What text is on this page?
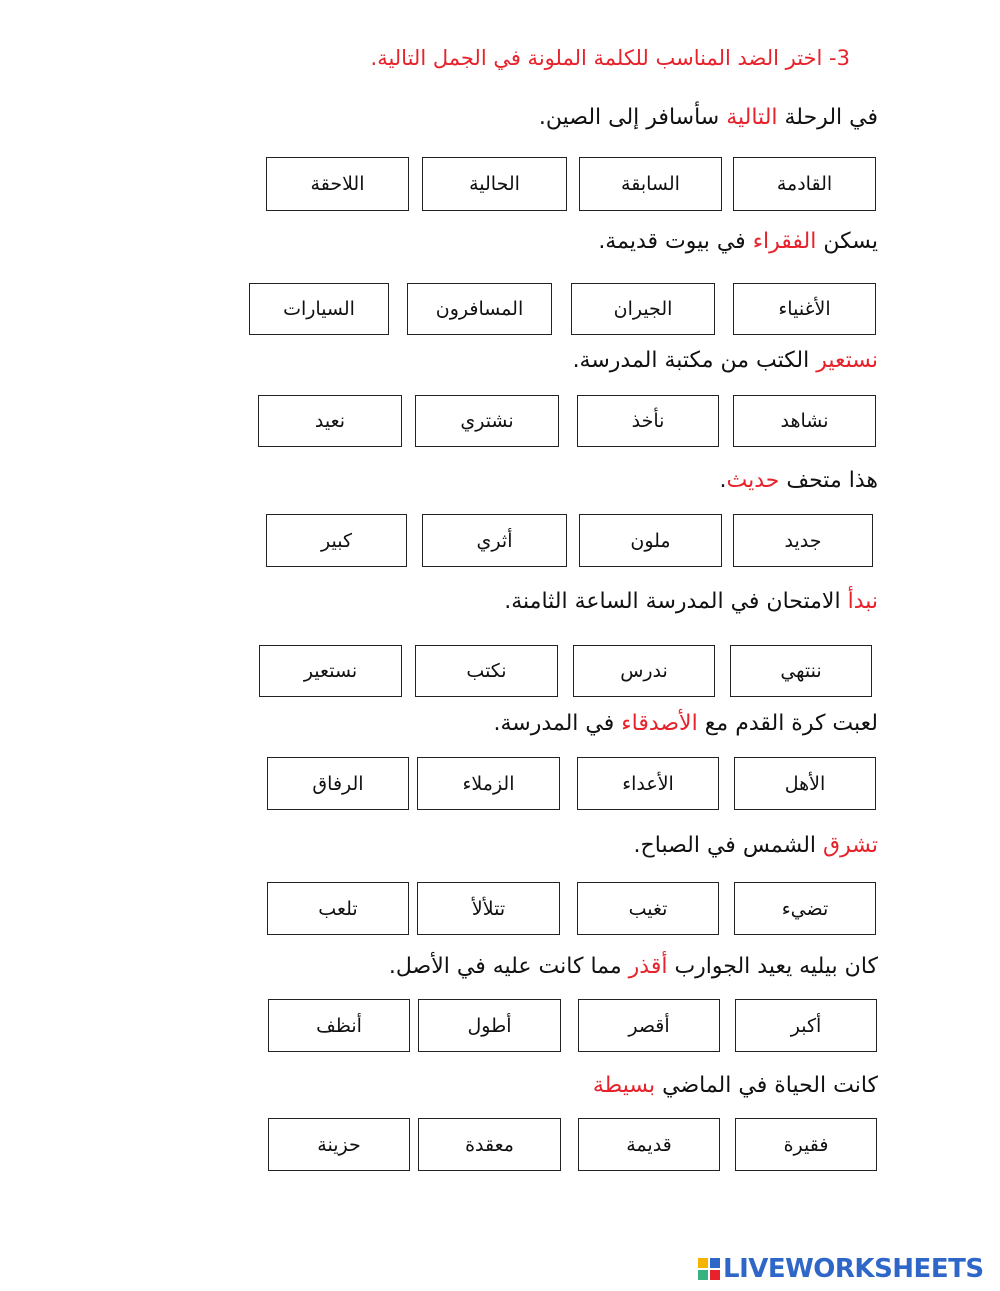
3- اختر الضد المناسب للكلمة الملونة في الجمل التالية.
في الرحلة التالية سأسافر إلى الصين.
القادمة
السابقة
الحالية
اللاحقة
يسكن الفقراء في بيوت قديمة.
الأغنياء
الجيران
المسافرون
السيارات
نستعير الكتب من مكتبة المدرسة.
نشاهد
نأخذ
نشتري
نعيد
هذا متحف حديث.
جديد
ملون
أثري
كبير
نبدأ الامتحان في المدرسة الساعة الثامنة.
ننتهي
ندرس
نكتب
نستعير
لعبت كرة القدم مع الأصدقاء في المدرسة.
الأهل
الأعداء
الزملاء
الرفاق
تشرق الشمس في الصباح.
تضيء
تغيب
تتلألأ
تلعب
كان بيليه يعيد الجوارب أقذر مما كانت عليه في الأصل.
أكبر
أقصر
أطول
أنظف
كانت الحياة في الماضي بسيطة
فقيرة
قديمة
معقدة
حزينة
LIVEWORKSHEETS
